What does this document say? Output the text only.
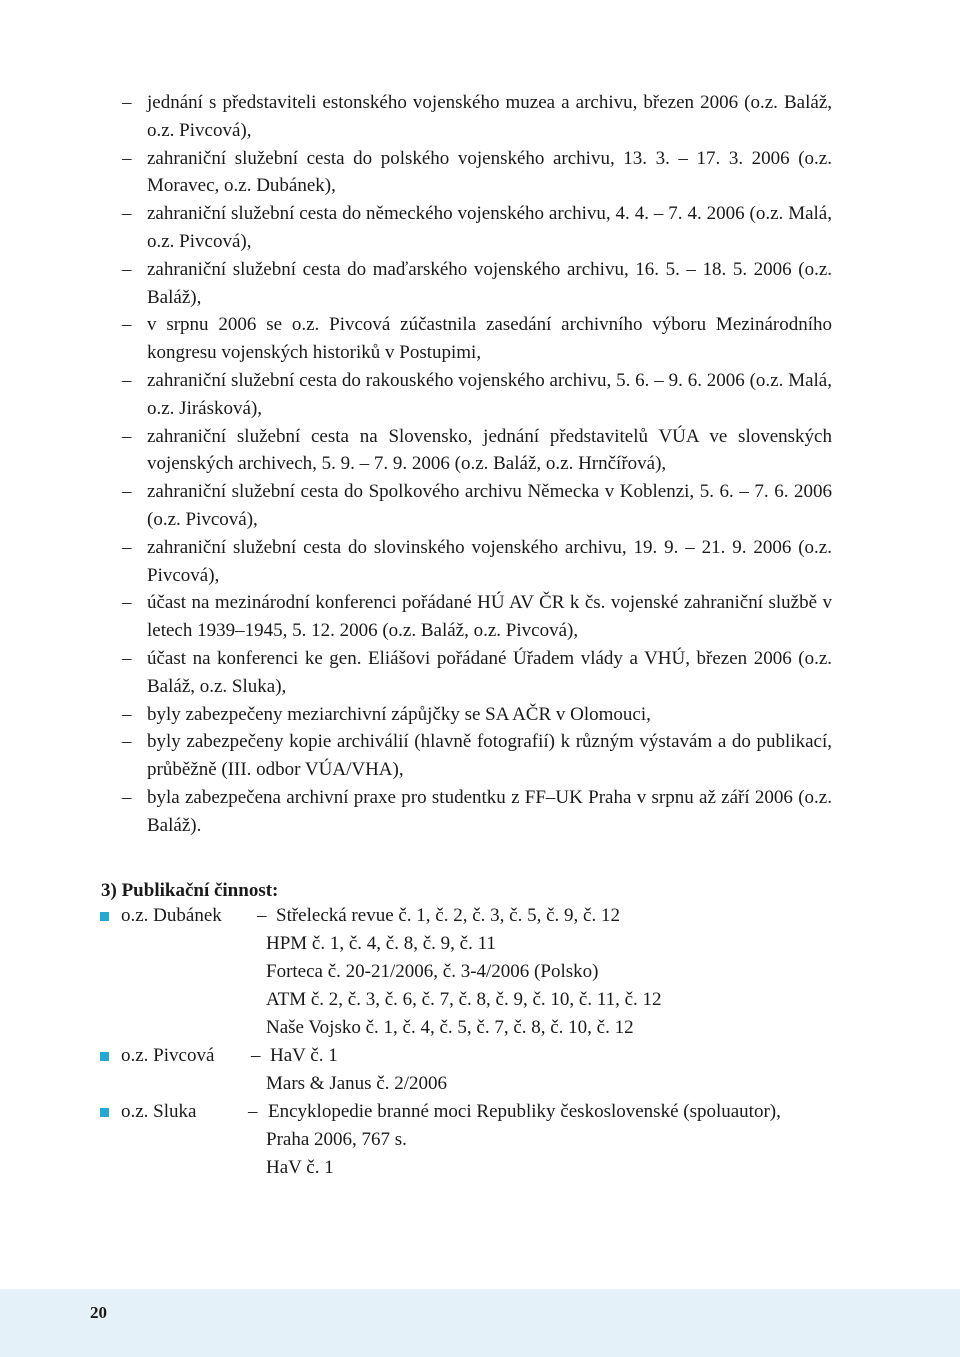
– jednání s představiteli estonského vojenského muzea a archivu, březen 2006 (o.z. Baláž, o.z. Pivcová),
– zahraniční služební cesta do polského vojenského archivu, 13. 3. – 17. 3. 2006 (o.z. Moravec, o.z. Dubánek),
– zahraniční služební cesta do německého vojenského archivu, 4. 4. – 7. 4. 2006 (o.z. Malá, o.z. Pivcová),
– zahraniční služební cesta do maďarského vojenského archivu, 16. 5. – 18. 5. 2006 (o.z. Baláž),
– v srpnu 2006 se o.z. Pivcová zúčastnila zasedání archivního výboru Mezinárodního kongresu vojenských historiků v Postupimi,
– zahraniční služební cesta do rakouského vojenského archivu, 5. 6. – 9. 6. 2006 (o.z. Malá, o.z. Jirásková),
– zahraniční služební cesta na Slovensko, jednání představitelů VÚA ve slovenských vojenských archivech, 5. 9. – 7. 9. 2006 (o.z. Baláž, o.z. Hrnčířová),
– zahraniční služební cesta do Spolkového archivu Německa v Koblenzi, 5. 6. – 7. 6. 2006 (o.z. Pivcová),
– zahraniční služební cesta do slovinského vojenského archivu, 19. 9. – 21. 9. 2006 (o.z. Pivcová),
– účast na mezinárodní konferenci pořádané HÚ AV ČR k čs. vojenské zahraniční službě v letech 1939–1945, 5. 12. 2006 (o.z. Baláž, o.z. Pivcová),
– účast na konferenci ke gen. Eliášovi pořádané Úřadem vlády a VHÚ, březen 2006 (o.z. Baláž, o.z. Sluka),
– byly zabezpečeny meziarchivní zápůjčky se SA AČR v Olomouci,
– byly zabezpečeny kopie archiválií (hlavně fotografií) k různým výstavám a do publikací, průběžně (III. odbor VÚA/VHA),
– byla zabezpečena archivní praxe pro studentku z FF–UK Praha v srpnu až září 2006 (o.z. Baláž).
3) Publikační činnost:
o.z. Dubánek – Střelecká revue č. 1, č. 2, č. 3, č. 5, č. 9, č. 12
HPM č. 1, č. 4, č. 8, č. 9, č. 11
Forteca č. 20-21/2006, č. 3-4/2006 (Polsko)
ATM č. 2, č. 3, č. 6, č. 7, č. 8, č. 9, č. 10, č. 11, č. 12
Naše Vojsko č. 1, č. 4, č. 5, č. 7, č. 8, č. 10, č. 12
o.z. Pivcová – HaV č. 1
Mars & Janus č. 2/2006
o.z. Sluka	– Encyklopedie branné moci Republiky československé (spoluautor),
Praha 2006, 767 s.
HaV č. 1
20
